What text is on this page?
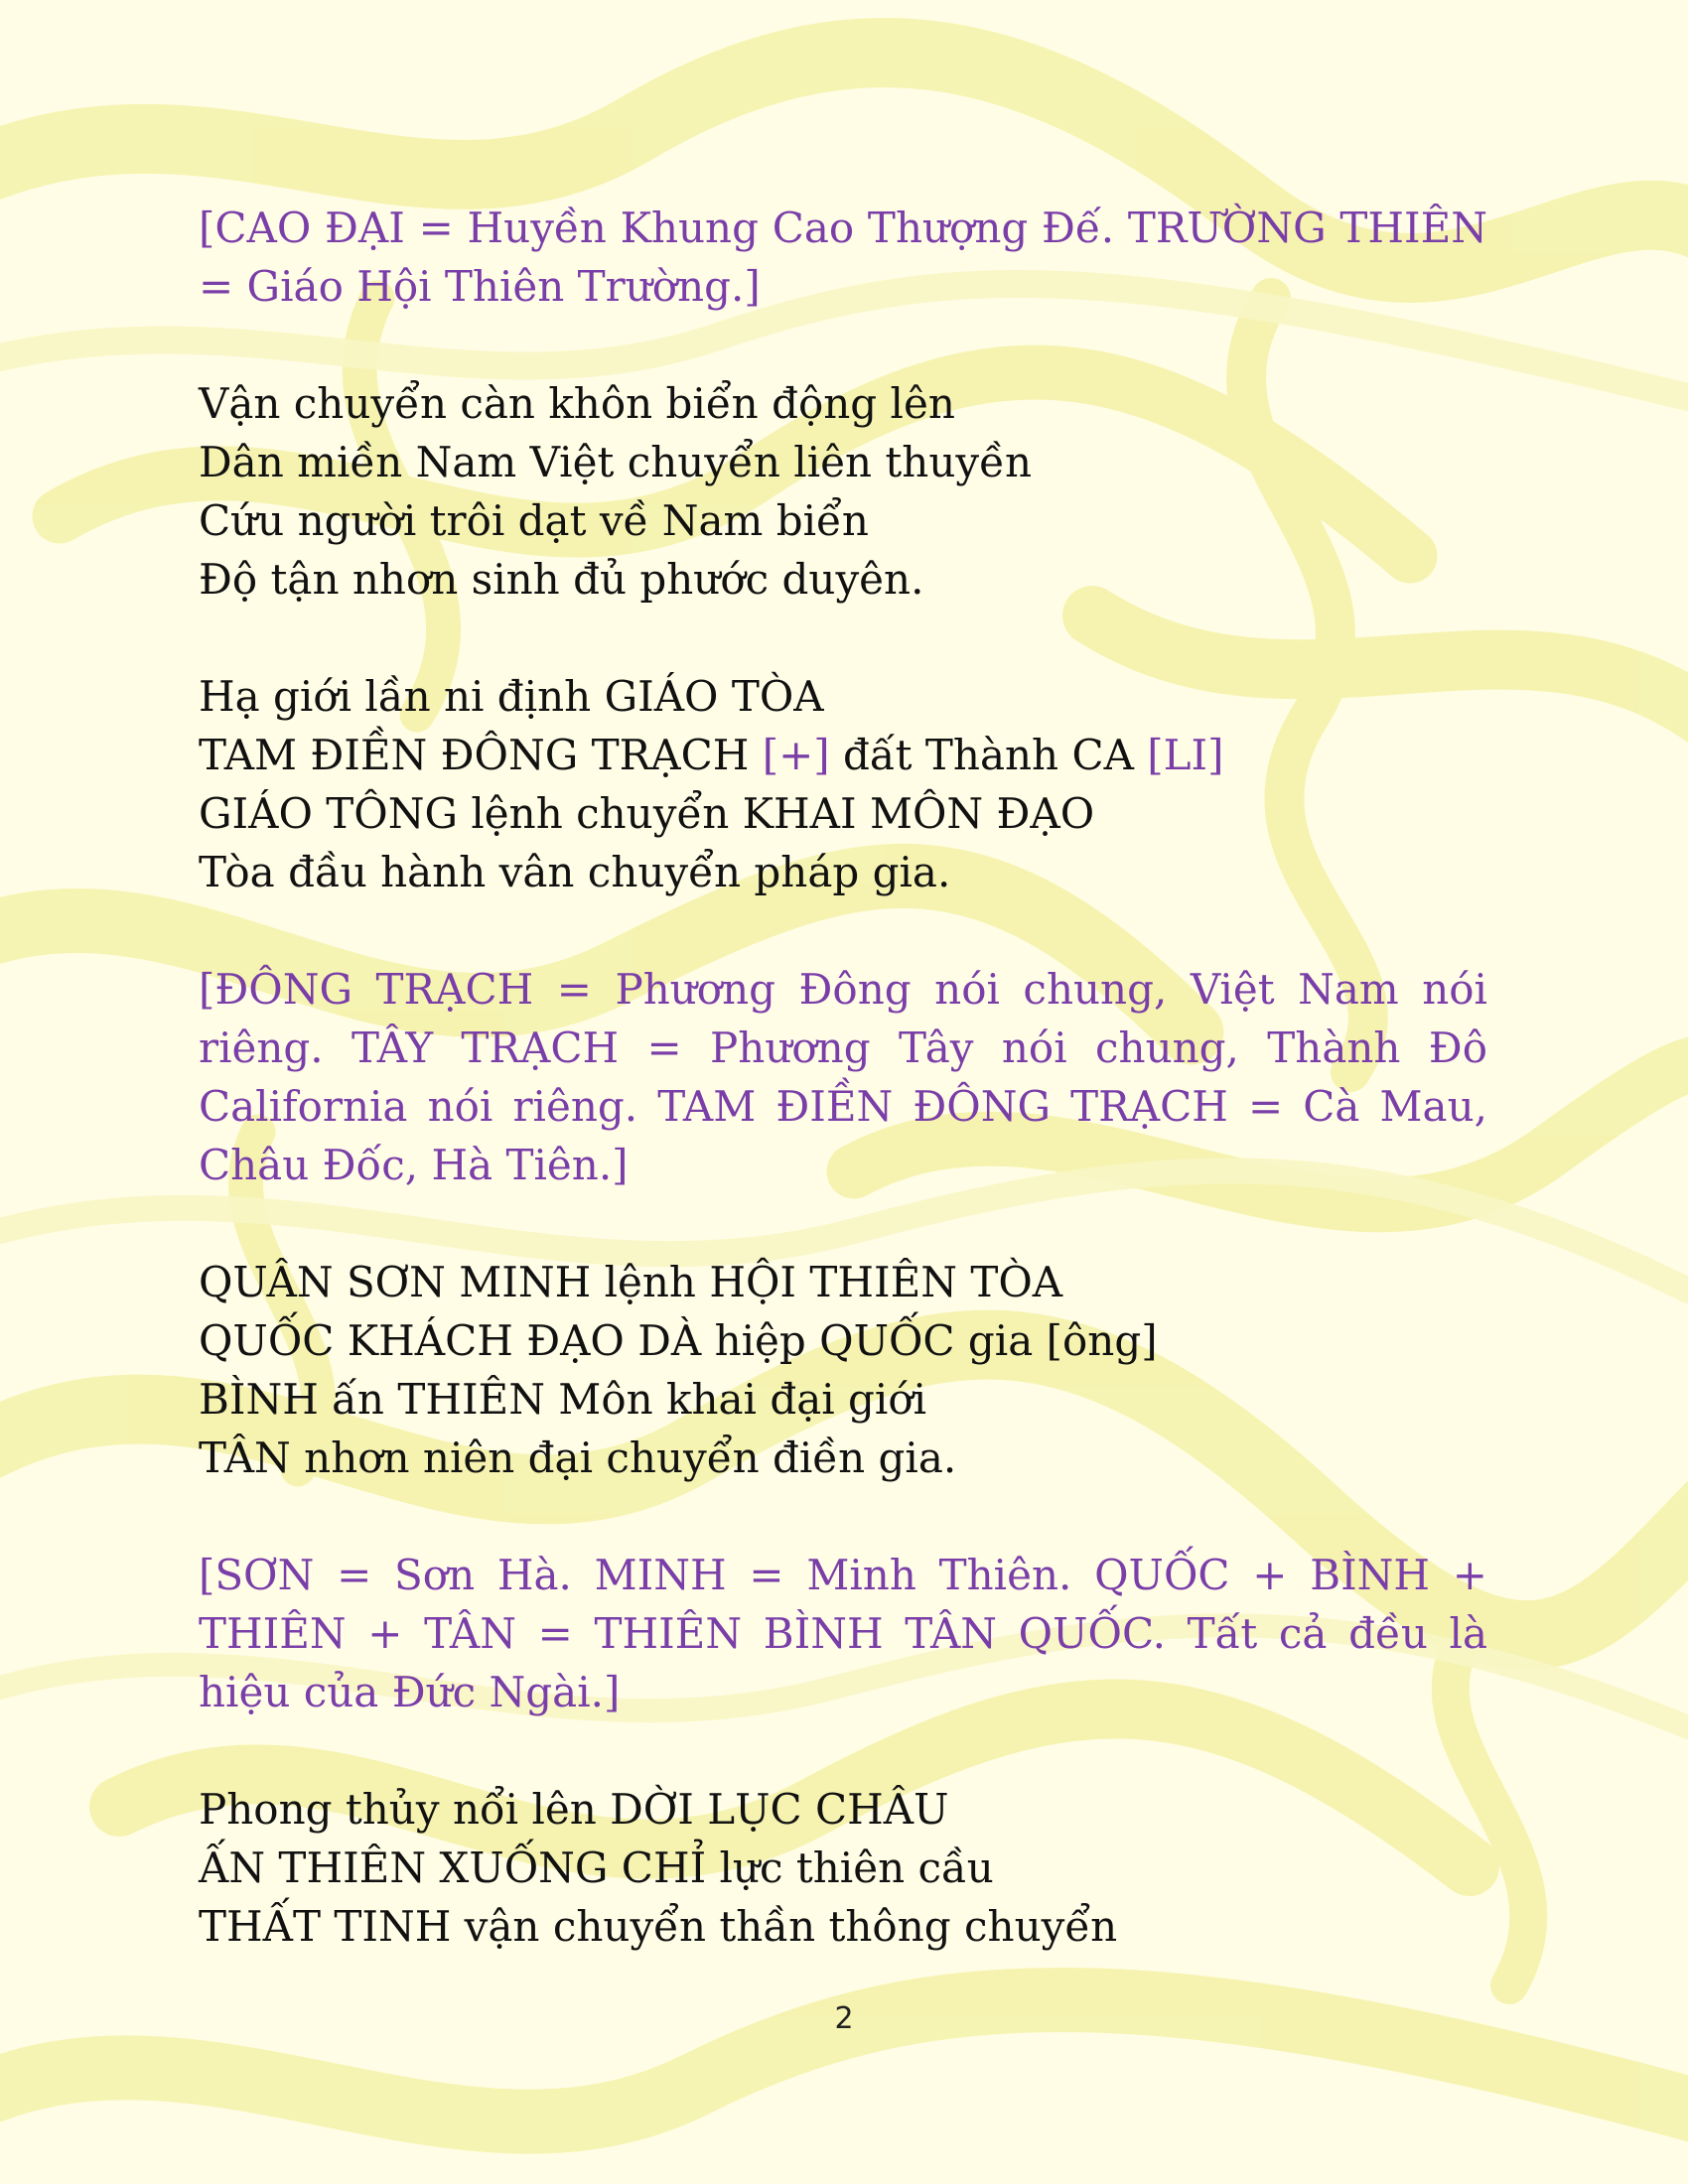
[CAO ĐẠI = Huyền Khung Cao Thượng Đế. TRƯỜNG THIÊN = Giáo Hội Thiên Trường.]

Vận chuyển càn khôn biển động lên
Dân miền Nam Việt chuyển liên thuyền
Cứu người trôi dạt về Nam biển
Độ tận nhơn sinh đủ phước duyên.
Hạ giới lần ni định GIÁO TÒA
TAM ĐIỀN ĐÔNG TRẠCH [+] đất Thành CA [LI]
GIÁO TÔNG lệnh chuyển KHAI MÔN ĐẠO
Tòa đầu hành vân chuyển pháp gia.

[ĐÔNG TRẠCH = Phương Đông nói chung, Việt Nam nói riêng. TÂY TRẠCH = Phương Tây nói chung, Thành Đô California nói riêng. TAM ĐIỀN ĐÔNG TRẠCH = Cà Mau, Châu Đốc, Hà Tiên.]

QUÂN SƠN MINH lệnh HỘI THIÊN TÒA
QUỐC KHÁCH ĐẠO DÀ hiệp QUỐC gia [ông]
BÌNH ấn THIÊN Môn khai đại giới
TÂN nhơn niên đại chuyển điền gia.

[SƠN = Sơn Hà. MINH = Minh Thiên. QUỐC + BÌNH + THIÊN + TÂN = THIÊN BÌNH TÂN QUỐC. Tất cả đều là hiệu của Đức Ngài.]

Phong thủy nổi lên DỜI LỤC CHÂU
ẤN THIÊN XUỐNG CHỈ lực thiên cầu
THẤT TINH vận chuyển thần thông chuyển
2
